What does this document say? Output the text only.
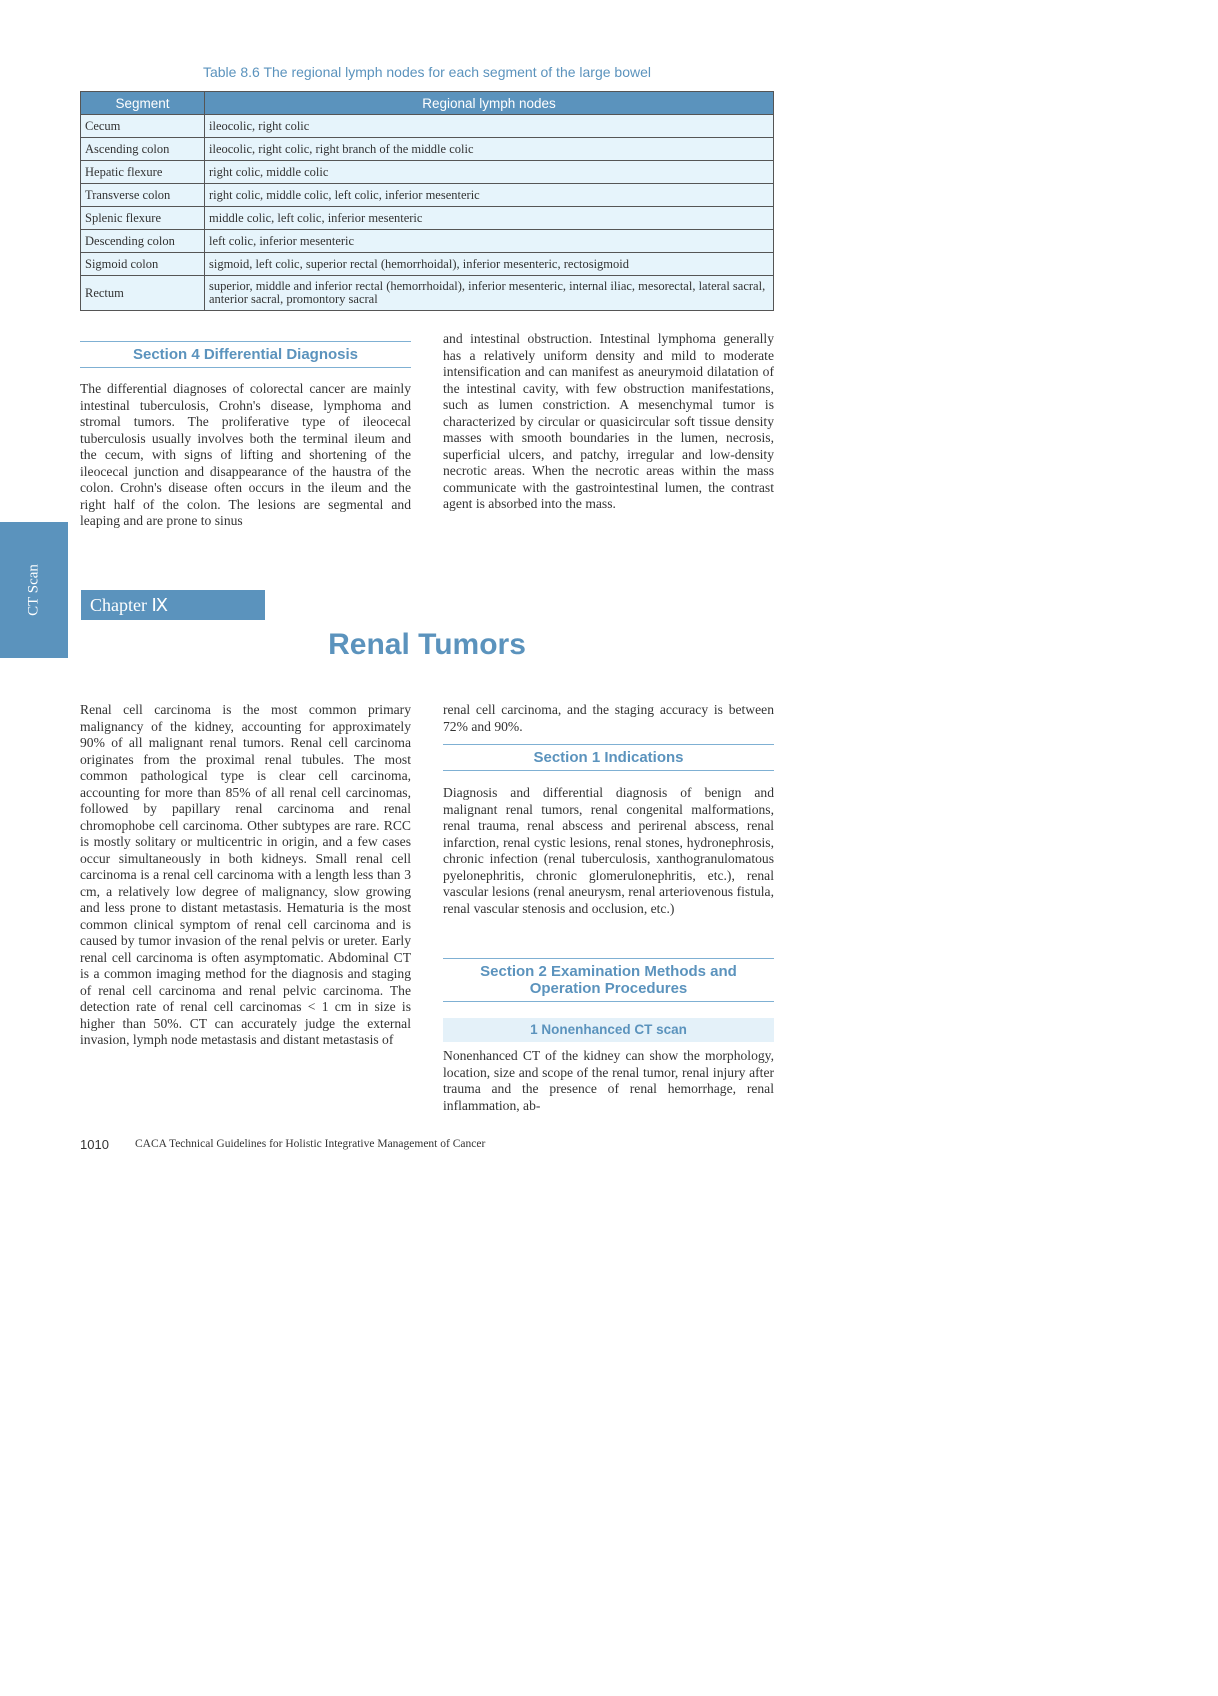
Table 8.6 The regional lymph nodes for each segment of the large bowel
Segment	Regional lymph nodes
Cecum	ileocolic, right colic
Ascending colon	ileocolic, right colic, right branch of the middle colic
Hepatic flexure	right colic, middle colic
Transverse colon	right colic, middle colic, left colic, inferior mesenteric
Splenic flexure	middle colic, left colic, inferior mesenteric
Descending colon	left colic, inferior mesenteric
Sigmoid colon	sigmoid, left colic, superior rectal (hemorrhoidal), inferior mesenteric, rectosigmoid
Rectum	superior, middle and inferior rectal (hemorrhoidal), inferior mesenteric, internal iliac, mesorectal, lateral sacral, anterior sacral, promontory sacral
Section 4 Differential Diagnosis
The differential diagnoses of colorectal cancer are mainly intestinal tuberculosis, Crohn's disease, lymphoma and stromal tumors. The proliferative type of ileocecal tuberculosis usually involves both the terminal ileum and the cecum, with signs of lifting and shortening of the ileocecal junction and disappearance of the haustra of the colon. Crohn's disease often occurs in the ileum and the right half of the colon. The lesions are segmental and leaping and are prone to sinus
and intestinal obstruction. Intestinal lymphoma generally has a relatively uniform density and mild to moderate intensification and can manifest as aneurymoid dilatation of the intestinal cavity, with few obstruction manifestations, such as lumen constriction. A mesenchymal tumor is characterized by circular or quasicircular soft tissue density masses with smooth boundaries in the lumen, necrosis, superficial ulcers, and patchy, irregular and low-density necrotic areas. When the necrotic areas within the mass communicate with the gastrointestinal lumen, the contrast agent is absorbed into the mass.
CT Scan	Chapter Ⅸ
Renal Tumors
Renal cell carcinoma is the most common primary malignancy of the kidney, accounting for approximately 90% of all malignant renal tumors. Renal cell carcinoma originates from the proximal renal tubules. The most common pathological type is clear cell carcinoma, accounting for more than 85% of all renal cell carcinomas, followed by papillary renal carcinoma and renal chromophobe cell carcinoma. Other subtypes are rare. RCC is mostly solitary or multicentric in origin, and a few cases occur simultaneously in both kidneys. Small renal cell carcinoma is a renal cell carcinoma with a length less than 3 cm, a relatively low degree of malignancy, slow growing and less prone to distant metastasis. Hematuria is the most common clinical symptom of renal cell carcinoma and is caused by tumor invasion of the renal pelvis or ureter. Early renal cell carcinoma is often asymptomatic. Abdominal CT is a common imaging method for the diagnosis and staging of renal cell carcinoma and renal pelvic carcinoma. The detection rate of renal cell carcinomas < 1 cm in size is higher than 50%. CT can accurately judge the external invasion, lymph node metastasis and distant metastasis of
renal cell carcinoma, and the staging accuracy is between 72% and 90%.
Section 1 Indications
Diagnosis and differential diagnosis of benign and malignant renal tumors, renal congenital malformations, renal trauma, renal abscess and perirenal abscess, renal infarction, renal cystic lesions, renal stones, hydronephrosis, chronic infection (renal tuberculosis, xanthogranulomatous pyelonephritis, chronic glomerulonephritis, etc.), renal vascular lesions (renal aneurysm, renal arteriovenous fistula, renal vascular stenosis and occlusion, etc.)
Section 2 Examination Methods and
Operation Procedures
1 Nonenhanced CT scan
Nonenhanced CT of the kidney can show the morphology, location, size and scope of the renal tumor, renal injury after trauma and the presence of renal hemorrhage, renal inflammation, ab-
1010 CACA Technical Guidelines for Holistic Integrative Management of Cancer
